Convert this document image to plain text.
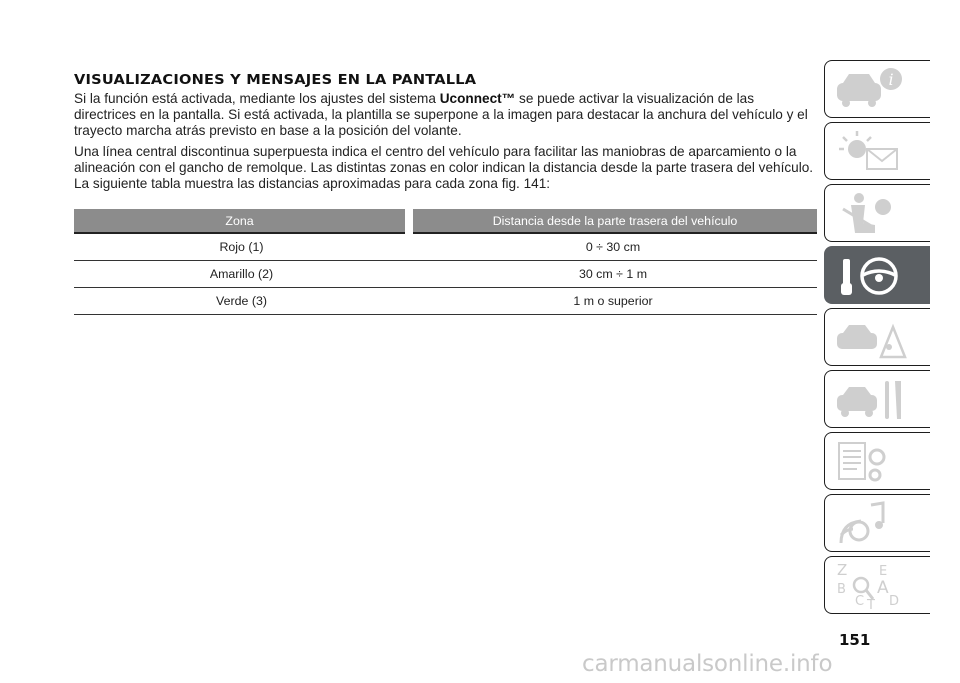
VISUALIZACIONES Y MENSAJES EN LA PANTALLA

Si la función está activada, mediante los ajustes del sistema Uconnect™ se puede activar la visualización de las directrices en la pantalla. Si está activada, la plantilla se superpone a la imagen para destacar la anchura del vehículo y el trayecto marcha atrás previsto en base a la posición del volante.

Una línea central discontinua superpuesta indica el centro del vehículo para facilitar las maniobras de aparcamiento o la alineación con el gancho de remolque. Las distintas zonas en color indican la distancia desde la parte trasera del vehículo. La siguiente tabla muestra las distancias aproximadas para cada zona fig. 141:

Zona	Distancia desde la parte trasera del vehículo
Rojo (1)	0 ÷ 30 cm
Amarillo (2)	30 cm ÷ 1 m
Verde (3)	1 m o superior
i
Z E
A
B
C T D
151
carmanualsonline.info
